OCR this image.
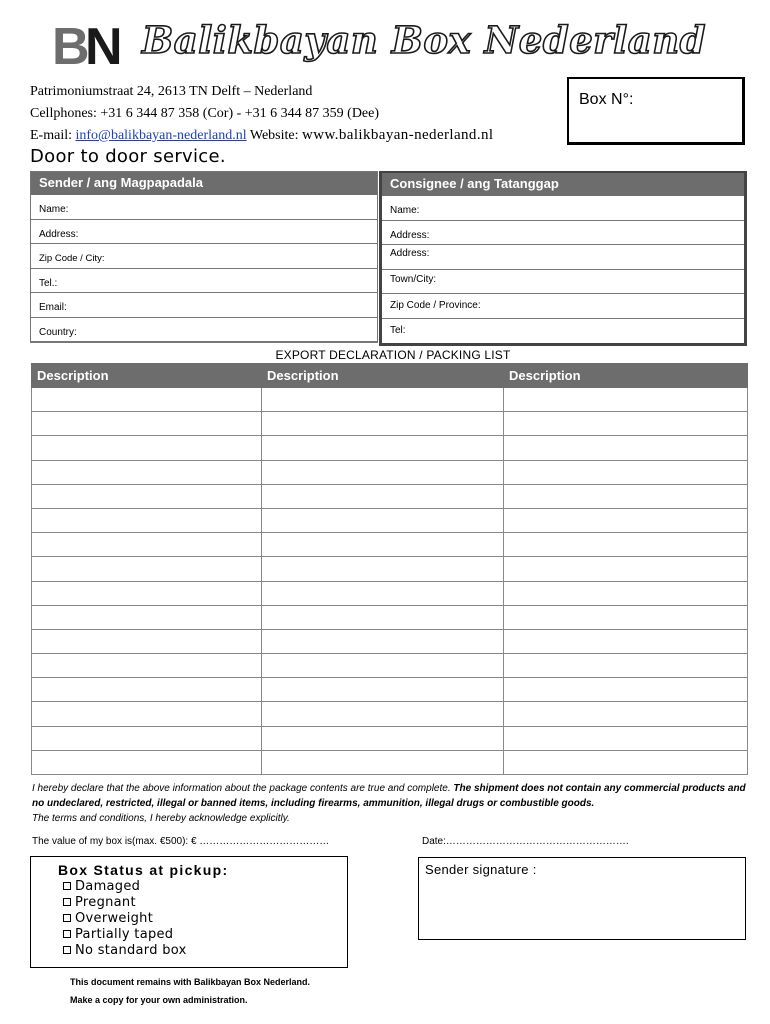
B N Balikbayan Box Nederland
Patrimoniumstraat 24, 2613 TN Delft – Nederland
Cellphones: +31 6 344 87 358 (Cor) - +31 6 344 87 359 (Dee)
E-mail: info@balikbayan-nederland.nl Website: www.balikbayan-nederland.nl
Box N°:
Door to door service.
Sender / ang Magpapadala
Name:
Address:
Zip Code / City:
Tel.:
Email:
Country:
Consignee / ang Tatanggap
Name:
Address:
Address:
Town/City:
Zip Code / Province:
Tel:
EXPORT DECLARATION / PACKING LIST
Description	Description	Description

I hereby declare that the above information about the package contents are true and complete. The shipment does not contain any commercial products and no undeclared, restricted, illegal or banned items, including firearms, ammunition, illegal drugs or combustible goods.
The terms and conditions, I hereby acknowledge explicitly.
The value of my box is(max. €500): € …………………………………	Date:……………………………………………….
Box Status at pickup:
Damaged
Pregnant
Overweight
Partially taped
No standard box
Sender signature :
This document remains with Balikbayan Box Nederland.
Make a copy for your own administration.
